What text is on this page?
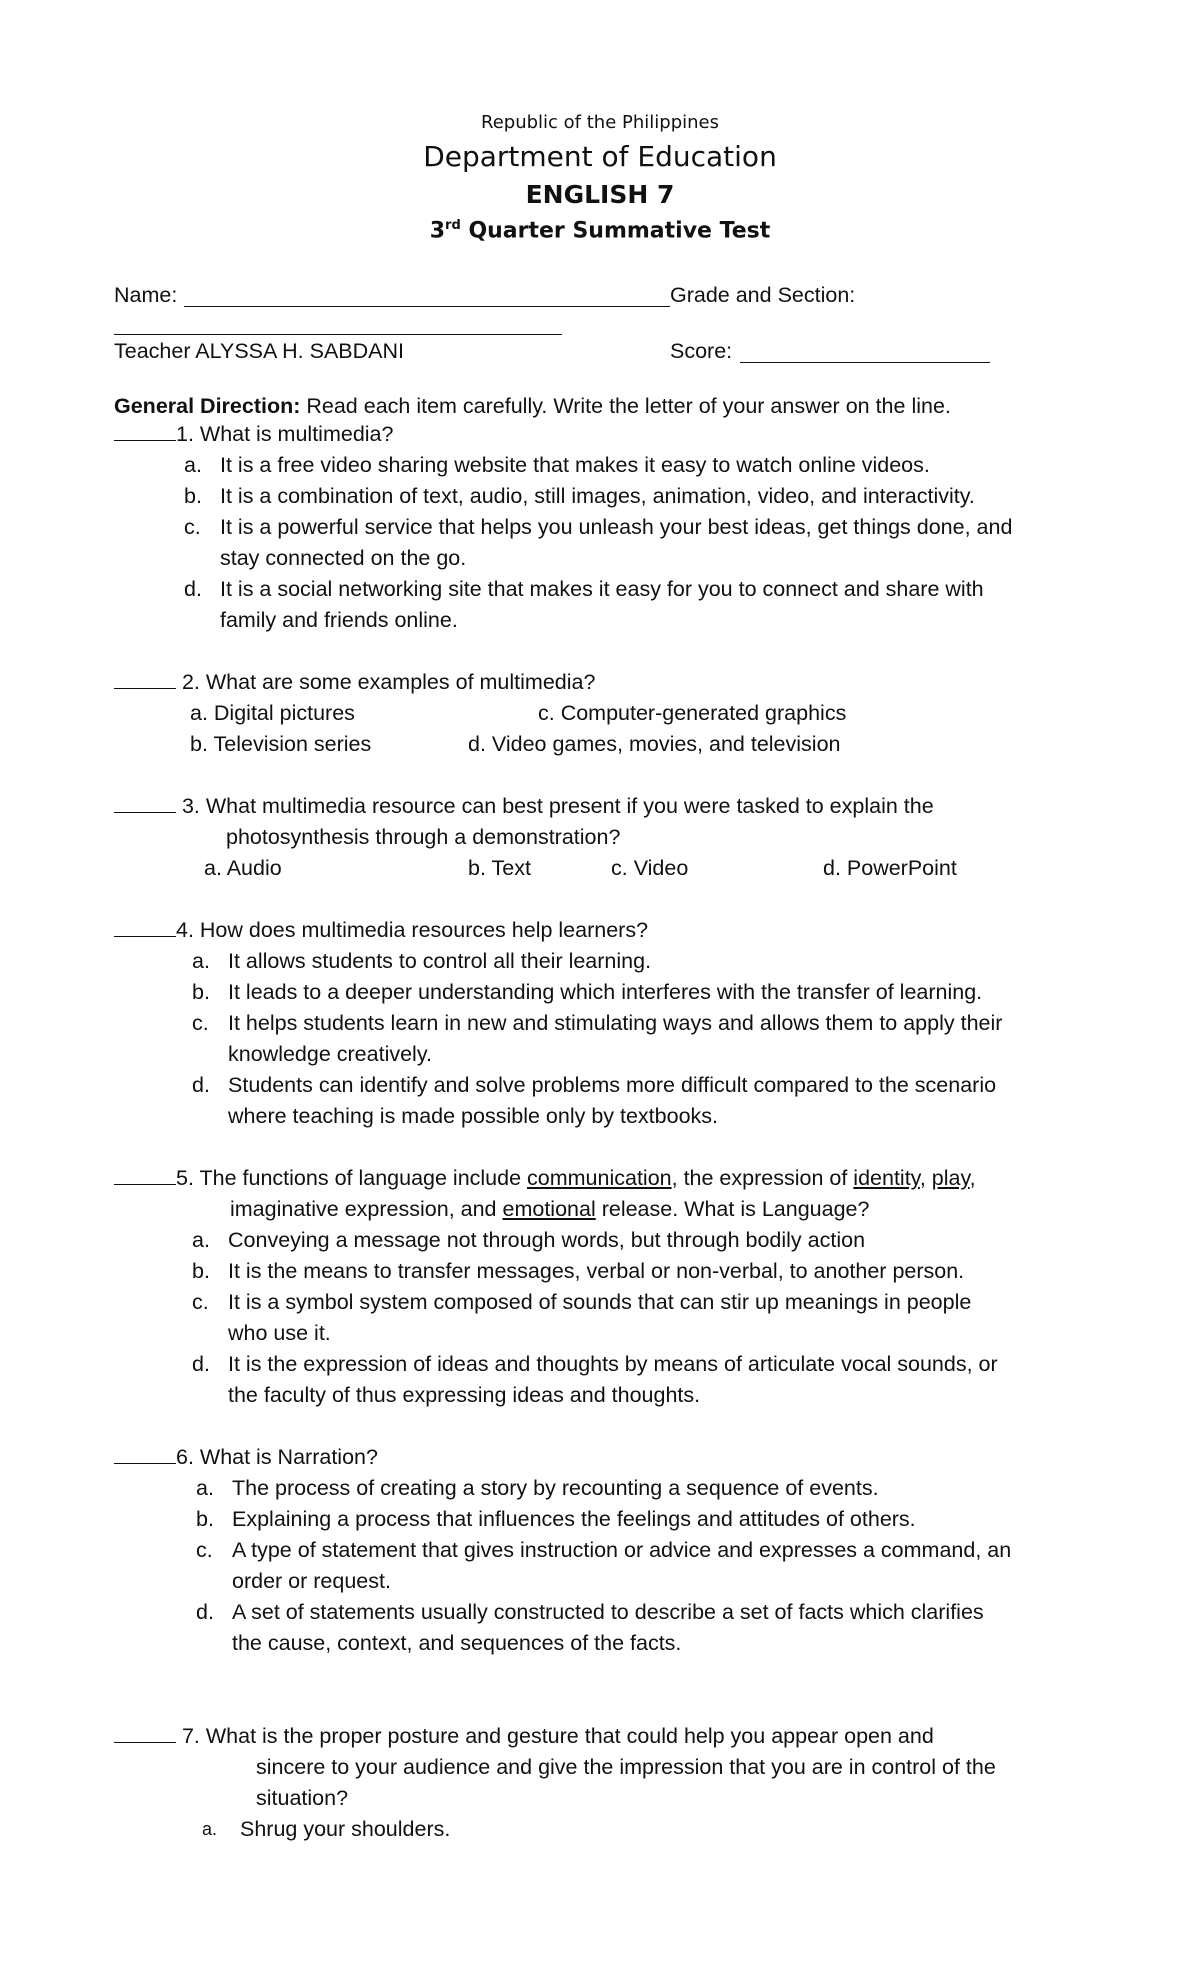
Republic of the Philippines
Department of Education
ENGLISH 7
3rd Quarter Summative Test
Name:	Grade and Section:
Teacher ALYSSA H. SABDANI	Score:
General Direction: Read each item carefully. Write the letter of your answer on the line.
1. What is multimedia?
a. It is a free video sharing website that makes it easy to watch online videos.
b. It is a combination of text, audio, still images, animation, video, and interactivity.
c. It is a powerful service that helps you unleash your best ideas, get things done, and
stay connected on the go.
d. It is a social networking site that makes it easy for you to connect and share with
family and friends online.
2. What are some examples of multimedia?
a. Digital pictures	c. Computer-generated graphics
b. Television series	d. Video games, movies, and television
3. What multimedia resource can best present if you were tasked to explain the
photosynthesis through a demonstration?
a. Audio	b. Text	c. Video	d. PowerPoint
4. How does multimedia resources help learners?
a. It allows students to control all their learning.
b. It leads to a deeper understanding which interferes with the transfer of learning.
c. It helps students learn in new and stimulating ways and allows them to apply their
knowledge creatively.
d. Students can identify and solve problems more difficult compared to the scenario
where teaching is made possible only by textbooks.
5. The functions of language include communication, the expression of identity, play,
imaginative expression, and emotional release. What is Language?
a. Conveying a message not through words, but through bodily action
b. It is the means to transfer messages, verbal or non-verbal, to another person.
c. It is a symbol system composed of sounds that can stir up meanings in people
who use it.
d. It is the expression of ideas and thoughts by means of articulate vocal sounds, or
the faculty of thus expressing ideas and thoughts.
6. What is Narration?
a. The process of creating a story by recounting a sequence of events.
b. Explaining a process that influences the feelings and attitudes of others.
c. A type of statement that gives instruction or advice and expresses a command, an
order or request.
d. A set of statements usually constructed to describe a set of facts which clarifies
the cause, context, and sequences of the facts.
7. What is the proper posture and gesture that could help you appear open and
sincere to your audience and give the impression that you are in control of the
situation?
a. Shrug your shoulders.
